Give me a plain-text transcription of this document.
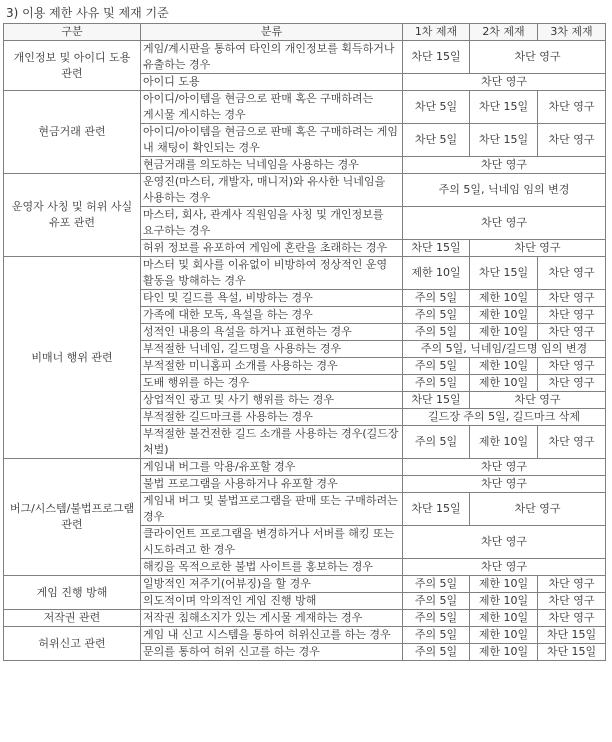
3) 이용 제한 사유 및 제재 기준
구분	분류	1차 제재	2차 제재	3차 제재
개인정보 및 아이디 도용 관련	게임/계시판을 통하여 타인의 개인정보를 획득하거나 유출하는 경우	차단 15일	차단 영구	
	아이디 도용	차단 영구		
현금거래 관련	아이디/아이템을 현금으로 판매 혹은 구매하려는 게시물 게시하는 경우	차단 5일	차단 15일	차단 영구
	아이디/아이템을 현금으로 판매 혹은 구매하려는 게임 내 채팅이 확인되는 경우	차단 5일	차단 15일	차단 영구
	현금거래를 의도하는 닉네임을 사용하는 경우	차단 영구		
운영자 사칭 및 허위 사실 유포 관련	운영진(마스터, 개발자, 매니저)와 유사한 닉네임을 사용하는 경우	주의 5일, 닉네임 임의 변경		
	마스터, 회사, 관계사 직원임을 사칭 및 개인정보를 요구하는 경우	차단 영구		
	허위 정보를 유포하여 게임에 혼란을 초래하는 경우	차단 15일	차단 영구	
비매너 행위 관련	마스터 및 회사를 이유없이 비방하여 정상적인 운영 활동을 방해하는 경우	제한 10일	차단 15일	차단 영구
	타인 및 길드를 욕설, 비방하는 경우	주의 5일	제한 10일	차단 영구
	가족에 대한 모독, 욕설을 하는 경우	주의 5일	제한 10일	차단 영구
	성적인 내용의 욕설을 하거나 표현하는 경우	주의 5일	제한 10일	차단 영구
	부적절한 닉네임, 길드명을 사용하는 경우	주의 5일, 닉네임/길드명 임의 변경		
	부적절한 미니홈피 소개를 사용하는 경우	주의 5일	제한 10일	차단 영구
	도배 행위를 하는 경우	주의 5일	제한 10일	차단 영구
	상업적인 광고 및 사기 행위를 하는 경우	차단 15일	차단 영구	
	부적절한 길드마크를 사용하는 경우	길드장 주의 5일, 길드마크 삭제		
	부적절한 불건전한 길드 소개를 사용하는 경우(길드장 처벌)	주의 5일	제한 10일	차단 영구
버그/시스템/불법프로그램 관련	게임내 버그를 악용/유포할 경우	차단 영구		
	불법 프로그램을 사용하거나 유포할 경우	차단 영구		
	게임내 버그 및 불법프로그램을 판매 또는 구매하려는 경우	차단 15일	차단 영구	
	클라이언트 프로그램을 변경하거나 서버를 해킹 또는 시도하려고 한 경우	차단 영구		
	해킹을 목적으로한 불법 사이트를 홍보하는 경우	차단 영구		
게임 진행 방해	일방적인 져주기(어뷰징)을 할 경우	주의 5일	제한 10일	차단 영구
	의도적이며 악의적인 게임 진행 방해	주의 5일	제한 10일	차단 영구
저작권 관련	저작권 침해소지가 있는 게시물 게재하는 경우	주의 5일	제한 10일	차단 영구
허위신고 관련	게임 내 신고 시스템을 통하여 허위신고를 하는 경우	주의 5일	제한 10일	차단 15일
	문의를 통하여 허위 신고를 하는 경우	주의 5일	제한 10일	차단 15일
